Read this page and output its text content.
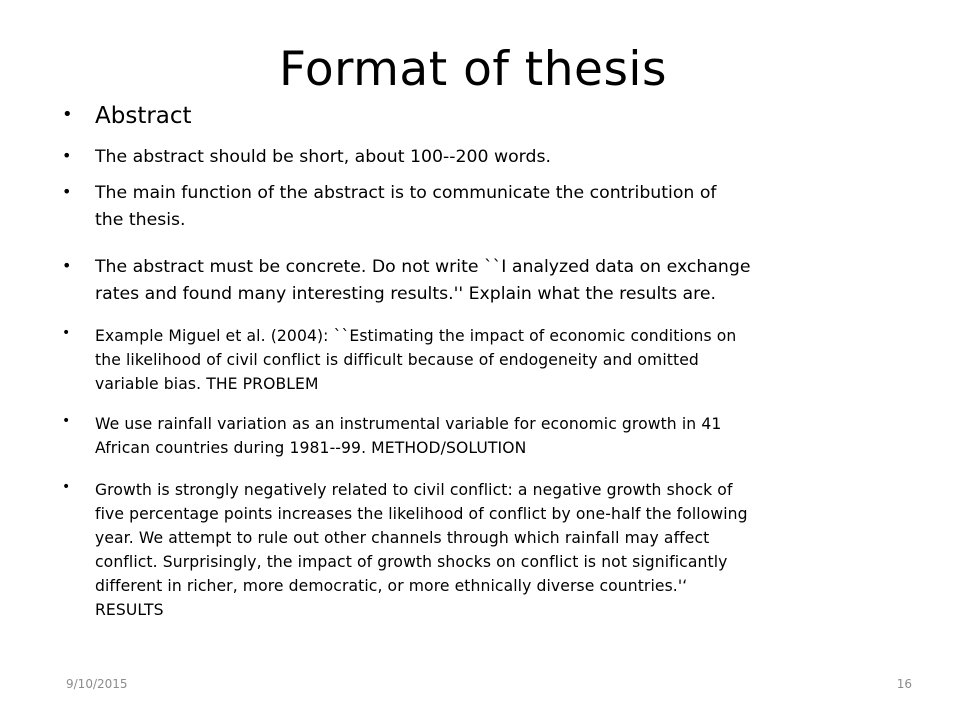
Format of thesis
• Abstract
• The abstract should be short, about 100--200 words.
• The main function of the abstract is to communicate the contribution of
the thesis.
• The abstract must be concrete. Do not write ``I analyzed data on exchange
rates and found many interesting results.'' Explain what the results are.
• Example Miguel et al. (2004): ``Estimating the impact of economic conditions on
the likelihood of civil conflict is difficult because of endogeneity and omitted
variable bias. THE PROBLEM
• We use rainfall variation as an instrumental variable for economic growth in 41
African countries during 1981--99. METHOD/SOLUTION
• Growth is strongly negatively related to civil conflict: a negative growth shock of
five percentage points increases the likelihood of conflict by one-half the following
year. We attempt to rule out other channels through which rainfall may affect
conflict. Surprisingly, the impact of growth shocks on conflict is not significantly
different in richer, more democratic, or more ethnically diverse countries.'‘
RESULTS
9/10/2015	16
